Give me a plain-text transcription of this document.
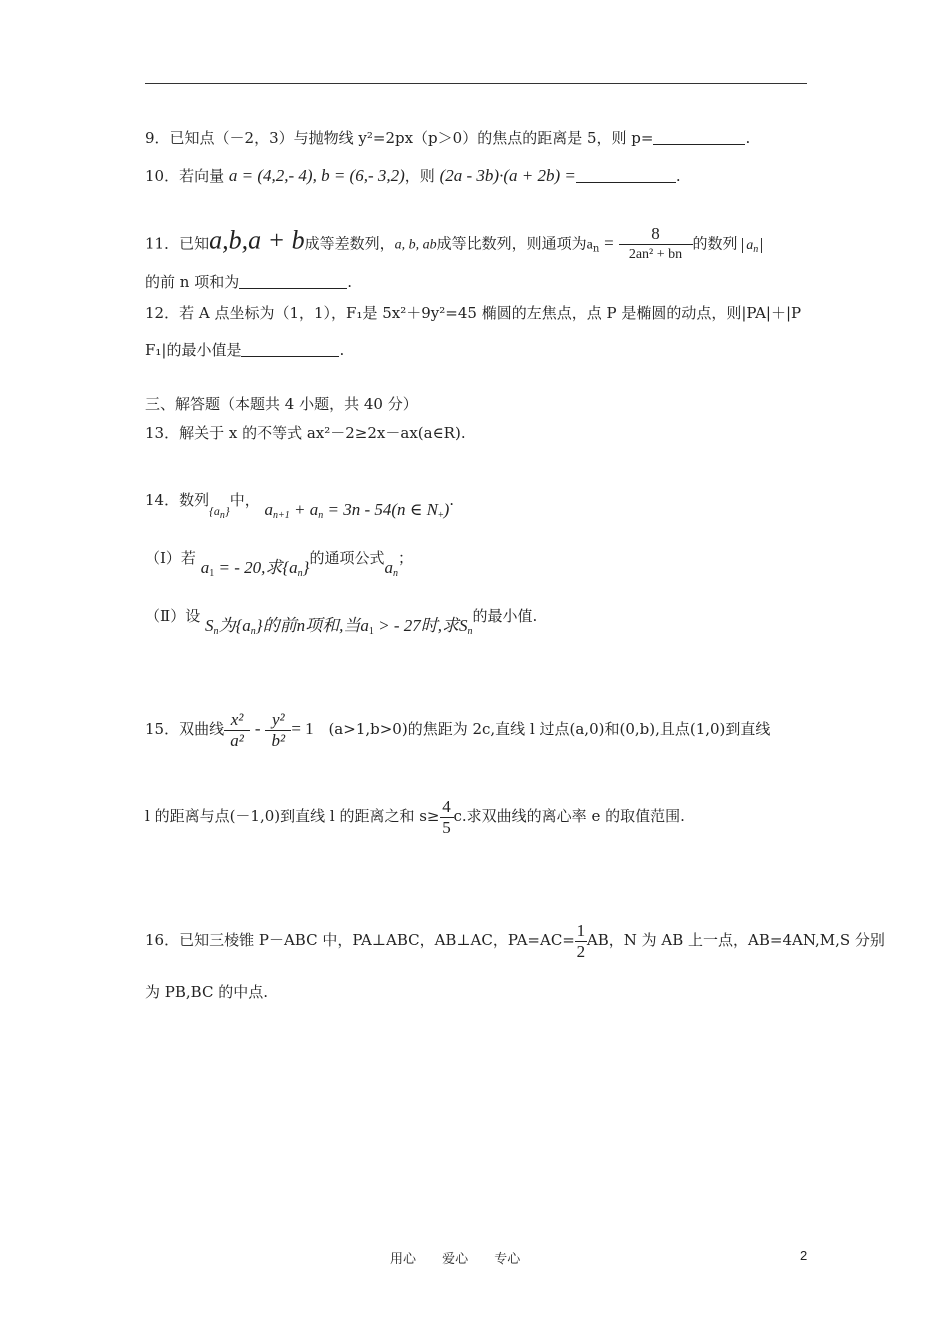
9．已知点（－2，3）与抛物线 y²=2px（p＞0）的焦点的距离是 5，则 p=	.
10．若向量 a = (4,2,- 4), b = (6,- 3,2)，则 (2a - 3b)·(a + 2b) =	.
11．已知a,b,a + b成等差数列，a, b, ab成等比数列，则通项为$a_n = \frac{8}{\text{2an² + bn}}$ 的数列 $a_n$
的前 n 项和为	.
12．若 A 点坐标为（1，1），F₁是 5x²＋9y²=45 椭圆的左焦点，点 P 是椭圆的动点，则|PA|＋|P
F₁|的最小值是	.
三、解答题（本题共 4 小题，共 40 分）
13．解关于 x 的不等式 ax²－2≥2x－ax(a∈R).
14．数列$_{\{a_n\}}$中， $a_{n+1} + a_n = 3n - 54(n$ ∈ $N_+$).
（Ⅰ）若 $a_1$ = - 20,求$\{a_n\}$的通项公式$a_n$；
（Ⅱ）设 $S_n$为$\{a_n\}$的前n项和,当$a_1$ > - 27时,求$S_n$的最小值.
15．双曲线 $\frac{\text{x²}}{\text{a²}} - \frac{\text{y²}}{\text{b²}} = 1$ (a>1,b>0)的焦距为 2c,直线 l 过点(a,0)和(0,b),且点(1,0)到直线
l 的距离与点(－1,0)到直线 l 的距离之和 $s\ge \frac{4}{5} c$.求双曲线的离心率 e 的取值范围.
16．已知三棱锥 P－ABC 中，PA⊥ABC，AB⊥AC，$PA=AC= \frac{1}{2}$ AB，N 为 AB 上一点，AB=4AN,M,S 分别
为 PB,BC 的中点.
用心 爱心 专心	2
